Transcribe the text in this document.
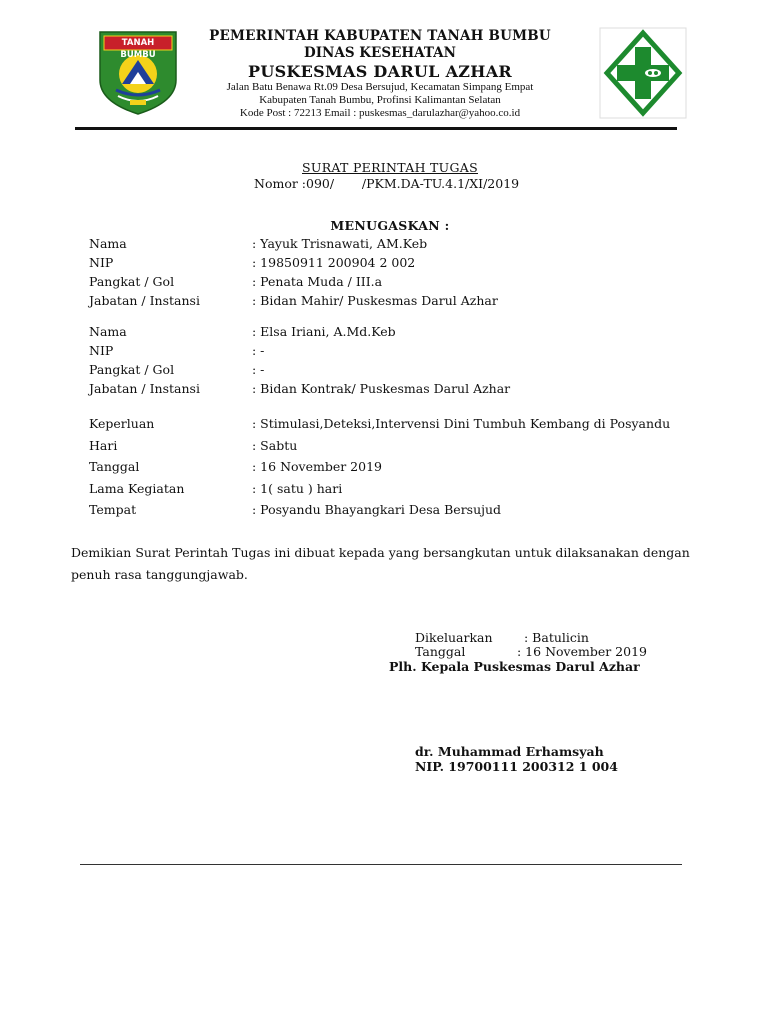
TANAH BUMBU
PEMERINTAH KABUPATEN TANAH BUMBU
DINAS KESEHATAN
PUSKESMAS DARUL AZHAR
Jalan Batu Benawa Rt.09 Desa Bersujud, Kecamatan Simpang Empat
Kabupaten Tanah Bumbu, Profinsi Kalimantan Selatan
Kode Post : 72213 Email : puskesmas_darulazhar@yahoo.co.id
SURAT PERINTAH TUGAS
Nomor :090/       /PKM.DA-TU.4.1/XI/2019
MENUGASKAN :
Nama	: Yayuk Trisnawati, AM.Keb
NIP	: 19850911 200904 2 002
Pangkat / Gol	: Penata Muda / III.a
Jabatan / Instansi	: Bidan Mahir/ Puskesmas Darul Azhar
Nama	: Elsa Iriani, A.Md.Keb
NIP	: -
Pangkat / Gol	: -
Jabatan / Instansi	: Bidan Kontrak/ Puskesmas Darul Azhar
Keperluan	: Stimulasi,Deteksi,Intervensi Dini Tumbuh Kembang di Posyandu
Hari	: Sabtu
Tanggal	: 16 November 2019
Lama Kegiatan	: 1( satu ) hari
Tempat	: Posyandu Bhayangkari Desa Bersujud
Demikian Surat Perintah Tugas ini dibuat kepada yang bersangkutan untuk dilaksanakan dengan
penuh rasa tanggungjawab.
Dikeluarkan	: Batulicin
Tanggal	: 16 November 2019
Plh. Kepala Puskesmas Darul Azhar
dr. Muhammad Erhamsyah
NIP. 19700111 200312 1 004
